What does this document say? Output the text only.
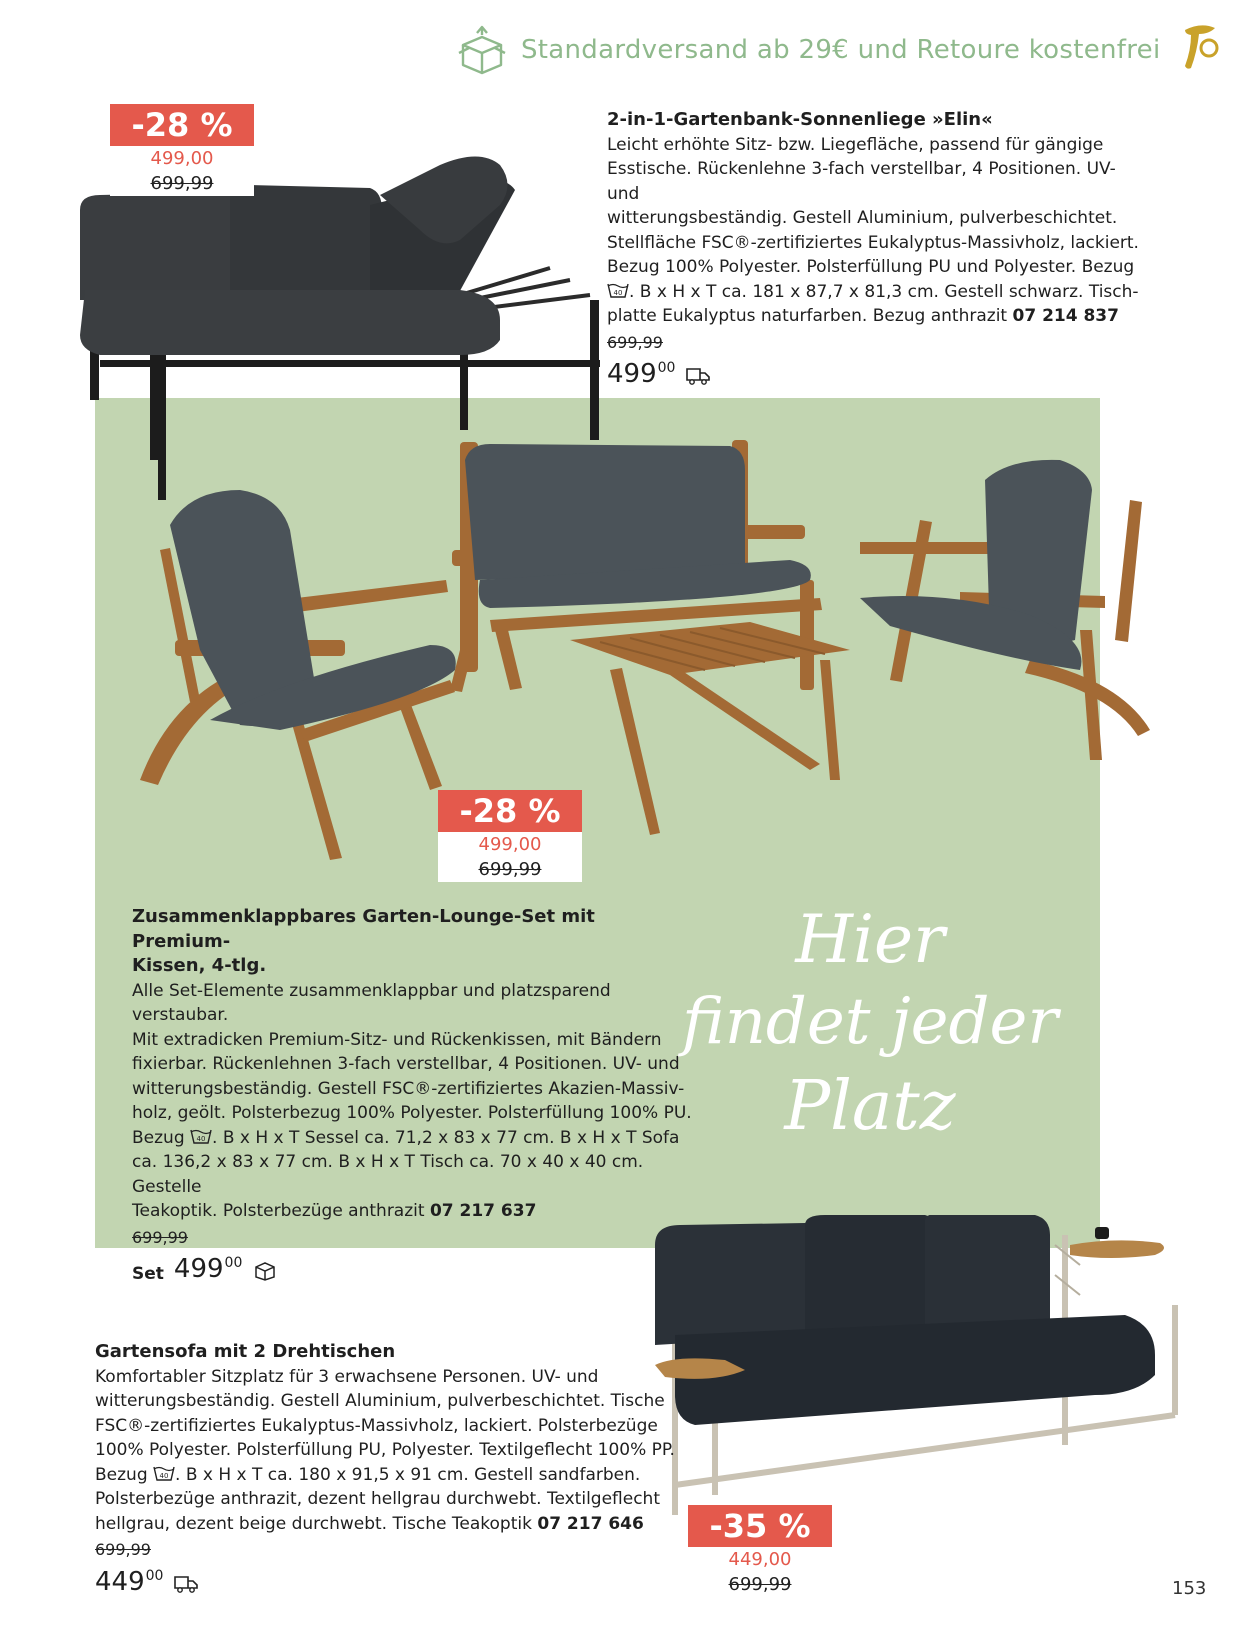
Standardversand ab 29€ und Retoure kostenfrei
-28 %
499,00
699,99
2-in-1-Gartenbank-Sonnenliege »Elin«
Leicht erhöhte Sitz- bzw. Liegefläche, passend für gängige
Esstische. Rückenlehne 3-fach verstellbar, 4 Positionen. UV- und
witterungsbeständig. Gestell Aluminium, pulverbeschichtet.
Stellfläche FSC®-zertifiziertes Eukalyptus-Massivholz, lackiert.
Bezug 100% Polyester. Polsterfüllung PU und Polyester. Bezug
40 . B x H x T ca. 181 x 87,7 x 81,3 cm. Gestell schwarz. Tisch-
platte Eukalyptus naturfarben. Bezug anthrazit 07 214 837
699,99
499 00
-28 %
499,00
699,99
Zusammenklappbares Garten-Lounge-Set mit Premium-
Kissen, 4-tlg.
Alle Set-Elemente zusammenklappbar und platzsparend verstaubar.
Mit extradicken Premium-Sitz- und Rückenkissen, mit Bändern
fixierbar. Rückenlehnen 3-fach verstellbar, 4 Positionen. UV- und
witterungsbeständig. Gestell FSC®-zertifiziertes Akazien-Massiv-
holz, geölt. Polsterbezug 100% Polyester. Polsterfüllung 100% PU.
Bezug 40 . B x H x T Sessel ca. 71,2 x 83 x 77 cm. B x H x T Sofa
ca. 136,2 x 83 x 77 cm. B x H x T Tisch ca. 70 x 40 x 40 cm. Gestelle
Teakoptik. Polsterbezüge anthrazit 07 217 637
699,99
Set 499 00
Hier
findet jeder
Platz
-35 %
449,00
699,99
Gartensofa mit 2 Drehtischen
Komfortabler Sitzplatz für 3 erwachsene Personen. UV- und
witterungsbeständig. Gestell Aluminium, pulverbeschichtet. Tische
FSC®-zertifiziertes Eukalyptus-Massivholz, lackiert. Polsterbezüge
100% Polyester. Polsterfüllung PU, Polyester. Textilgeflecht 100% PP.
Bezug 40 . B x H x T ca. 180 x 91,5 x 91 cm. Gestell sandfarben.
Polsterbezüge anthrazit, dezent hellgrau durchwebt. Textilgeflecht
hellgrau, dezent beige durchwebt. Tische Teakoptik 07 217 646
699,99
449 00
153
